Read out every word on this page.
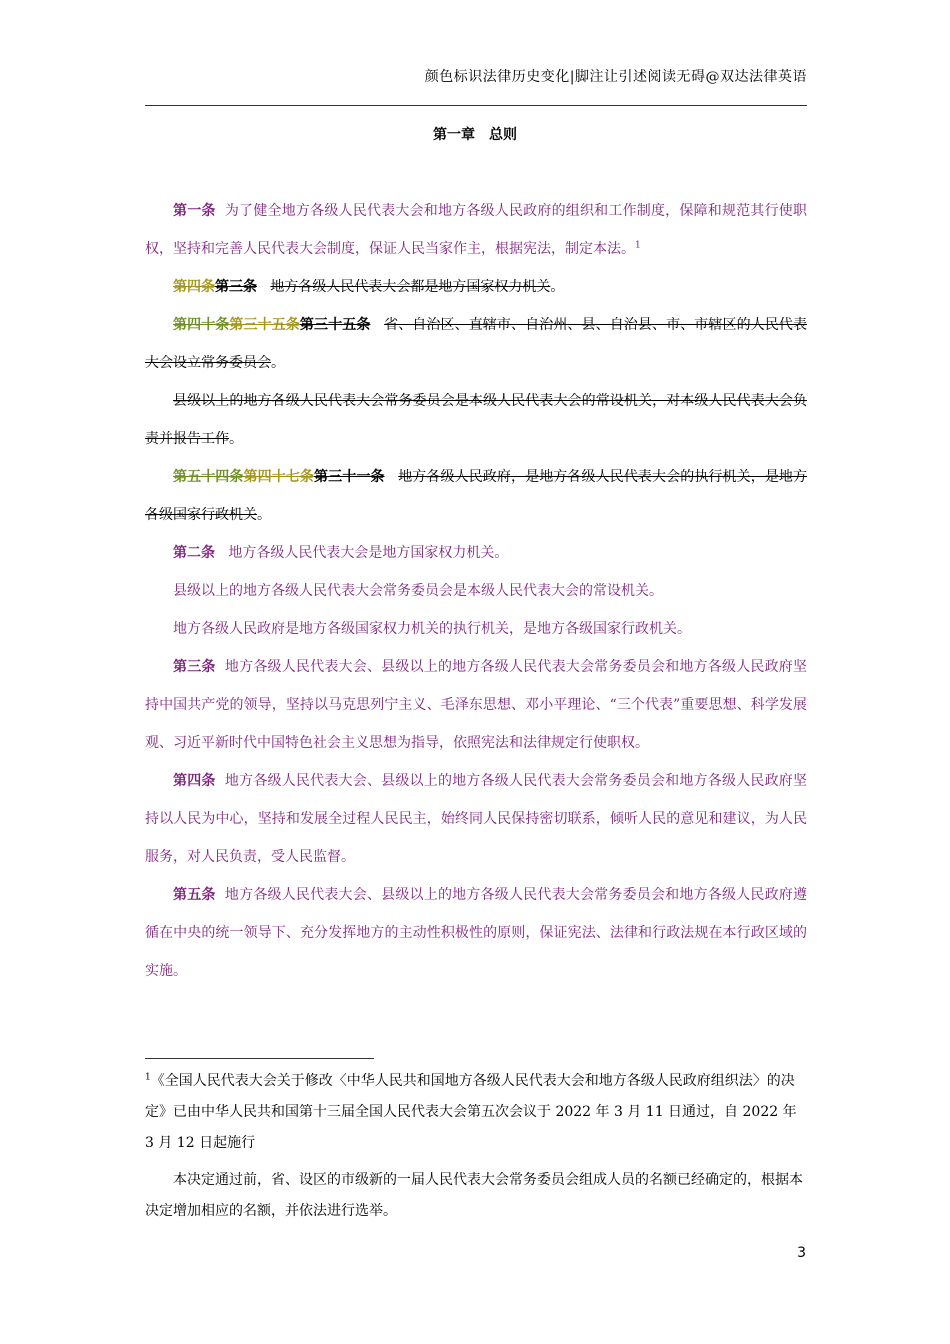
颜色标识法律历史变化|脚注让引述阅读无碍@双达法律英语
第一章　总则

第一条 为了健全地方各级人民代表大会和地方各级人民政府的组织和工作制度，保障和规范其行使职权，坚持和完善人民代表大会制度，保证人民当家作主，根据宪法，制定本法。$^1$

第四条第三条 地方各级人民代表大会都是地方国家权力机关。

第四十条第三十五条第三十五条 省、自治区、直辖市、自治州、县、自治县、市、市辖区的人民代表大会设立常务委员会。

县级以上的地方各级人民代表大会常务委员会是本级人民代表大会的常设机关，对本级人民代表大会负责并报告工作。

第五十四条第四十七条第三十一条 地方各级人民政府，是地方各级人民代表大会的执行机关，是地方各级国家行政机关。

第二条 地方各级人民代表大会是地方国家权力机关。

县级以上的地方各级人民代表大会常务委员会是本级人民代表大会的常设机关。

地方各级人民政府是地方各级国家权力机关的执行机关，是地方各级国家行政机关。

第三条 地方各级人民代表大会、县级以上的地方各级人民代表大会常务委员会和地方各级人民政府坚持中国共产党的领导，坚持以马克思列宁主义、毛泽东思想、邓小平理论、“三个代表”重要思想、科学发展观、习近平新时代中国特色社会主义思想为指导，依照宪法和法律规定行使职权。

第四条 地方各级人民代表大会、县级以上的地方各级人民代表大会常务委员会和地方各级人民政府坚持以人民为中心，坚持和发展全过程人民民主，始终同人民保持密切联系，倾听人民的意见和建议，为人民服务，对人民负责，受人民监督。

第五条 地方各级人民代表大会、县级以上的地方各级人民代表大会常务委员会和地方各级人民政府遵循在中央的统一领导下、充分发挥地方的主动性积极性的原则，保证宪法、法律和行政法规在本行政区域的实施。

$^1$《全国人民代表大会关于修改〈中华人民共和国地方各级人民代表大会和地方各级人民政府组织法〉的决定》已由中华人民共和国第十三届全国人民代表大会第五次会议于 2022 年 3 月 11 日通过，自 2022 年 3 月 12 日起施行

本决定通过前，省、设区的市级新的一届人民代表大会常务委员会组成人员的名额已经确定的，根据本决定增加相应的名额，并依法进行选举。

3
